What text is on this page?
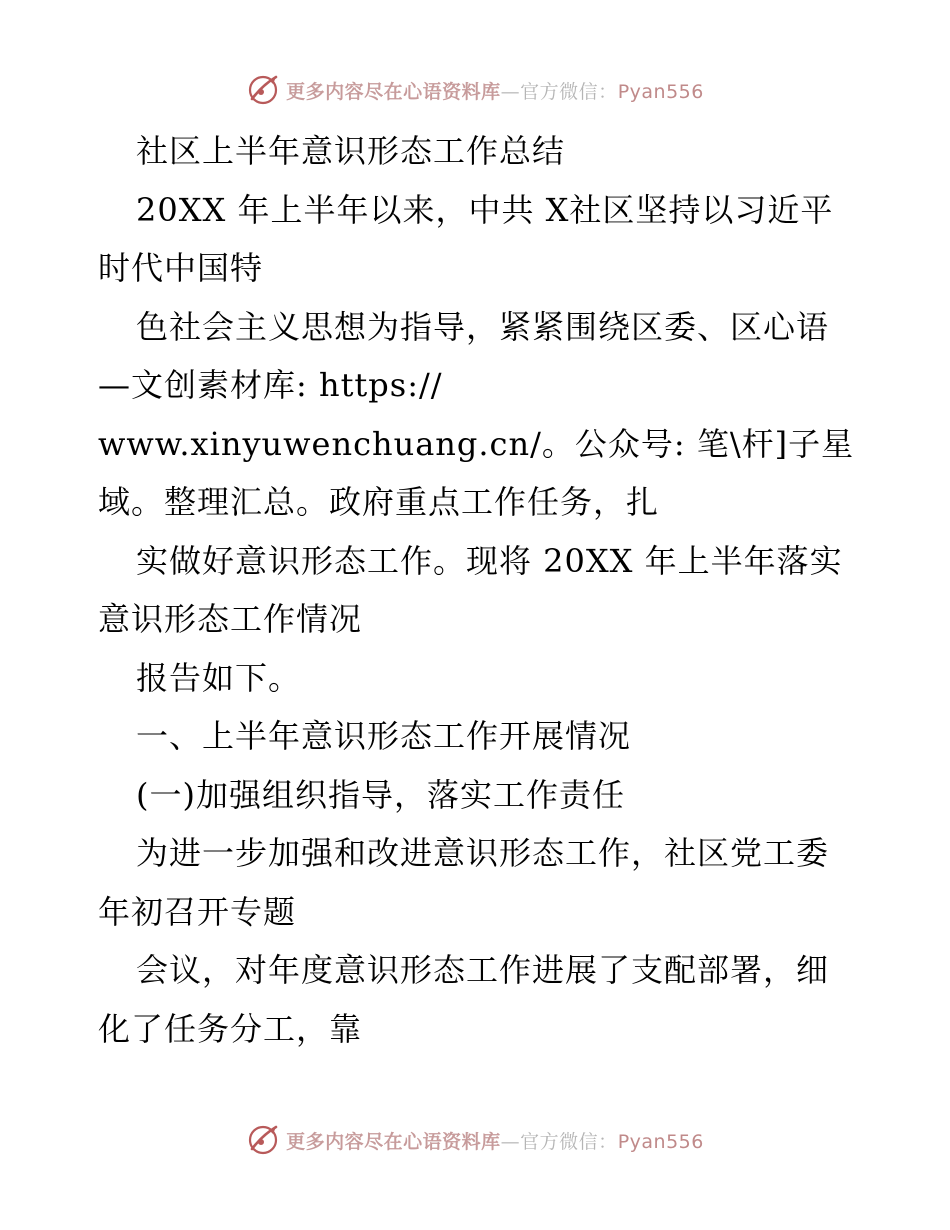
更多内容尽在心语资料库—官方微信：Pyan556
社区上半年意识形态工作总结
20XX 年上半年以来，中共 X社区坚持以习近平
时代中国特
色社会主义思想为指导，紧紧围绕区委、区心语
—文创素材库: https://
www.xinyuwenchuang.cn/。公众号: 笔\杆]子星
域。整理汇总。政府重点工作任务，扎
实做好意识形态工作。现将 20XX 年上半年落实
意识形态工作情况
报告如下。
一、上半年意识形态工作开展情况
(一)加强组织指导，落实工作责任
为进一步加强和改进意识形态工作，社区党工委
年初召开专题
会议，对年度意识形态工作进展了支配部署，细
化了任务分工，靠
更多内容尽在心语资料库—官方微信：Pyan556
